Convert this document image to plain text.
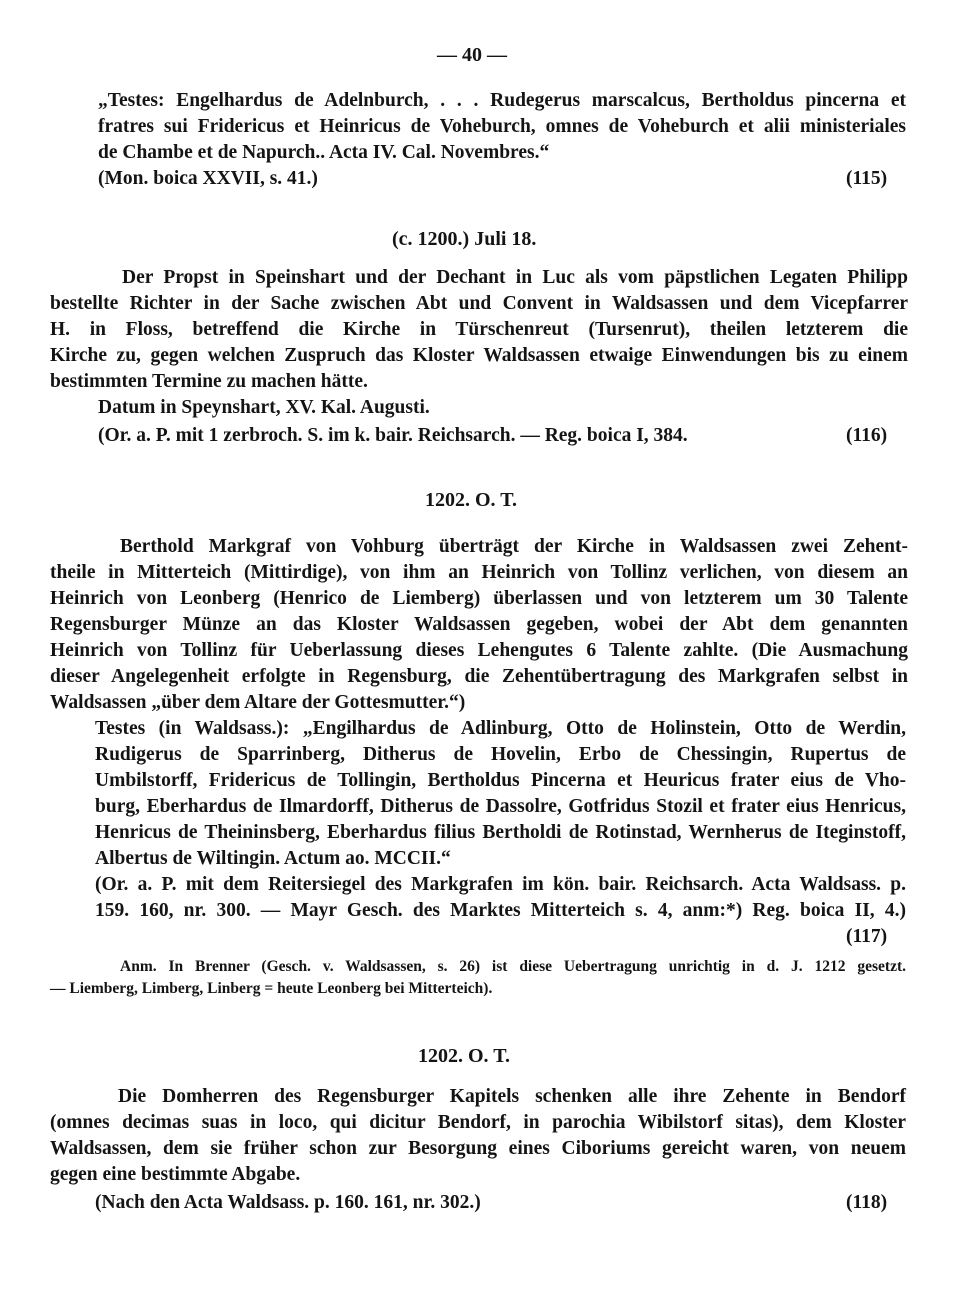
— 40 —
„Testes: Engelhardus de Adelnburch, . . . Rudegerus marscalcus, Bertholdus pincerna et
fratres sui Fridericus et Heinricus de Voheburch, omnes de Voheburch et alii ministeriales
de Chambe et de Napurch.. Acta IV. Cal. Novembres.“
(Mon. boica XXVII, s. 41.)	(115)
(c. 1200.) Juli 18.
Der Propst in Speinshart und der Dechant in Luc als vom päpstlichen Legaten Philipp
bestellte Richter in der Sache zwischen Abt und Convent in Waldsassen und dem Vicepfarrer
H. in Floss, betreffend die Kirche in Türschenreut (Tursenrut), theilen letzterem die
Kirche zu, gegen welchen Zuspruch das Kloster Waldsassen etwaige Einwendungen bis zu einem
bestimmten Termine zu machen hätte.
Datum in Speynshart, XV. Kal. Augusti.
(Or. a. P. mit 1 zerbroch. S. im k. bair. Reichsarch. — Reg. boica I, 384.	(116)
1202. O. T.
Berthold Markgraf von Vohburg überträgt der Kirche in Waldsassen zwei Zehent-
theile in Mitterteich (Mittirdige), von ihm an Heinrich von Tollinz verlichen, von diesem an
Heinrich von Leonberg (Henrico de Liemberg) überlassen und von letzterem um 30 Talente
Regensburger Münze an das Kloster Waldsassen gegeben, wobei der Abt dem genannten
Heinrich von Tollinz für Ueberlassung dieses Lehengutes 6 Talente zahlte. (Die Ausmachung
dieser Angelegenheit erfolgte in Regensburg, die Zehentübertragung des Markgrafen selbst in
Waldsassen „über dem Altare der Gottesmutter.“)
Testes (in Waldsass.): „Engilhardus de Adlinburg, Otto de Holinstein, Otto de Werdin,
Rudigerus de Sparrinberg, Ditherus de Hovelin, Erbo de Chessingin, Rupertus de
Umbilstorff, Fridericus de Tollingin, Bertholdus Pincerna et Heuricus frater eius de Vho-
burg, Eberhardus de Ilmardorff, Ditherus de Dassolre, Gotfridus Stozil et frater eius Henricus,
Henricus de Theininsberg, Eberhardus filius Bertholdi de Rotinstad, Wernherus de Iteginstoff,
Albertus de Wiltingin. Actum ao. MCCII.“
(Or. a. P. mit dem Reitersiegel des Markgrafen im kön. bair. Reichsarch. Acta Waldsass. p.
159. 160, nr. 300. — Mayr Gesch. des Marktes Mitterteich s. 4, anm:*) Reg. boica II, 4.)
(117)
Anm. In Brenner (Gesch. v. Waldsassen, s. 26) ist diese Uebertragung unrichtig in d. J. 1212 gesetzt.
— Liemberg, Limberg, Linberg = heute Leonberg bei Mitterteich).
1202. O. T.
Die Domherren des Regensburger Kapitels schenken alle ihre Zehente in Bendorf
(omnes decimas suas in loco, qui dicitur Bendorf, in parochia Wibilstorf sitas), dem Kloster
Waldsassen, dem sie früher schon zur Besorgung eines Ciboriums gereicht waren, von neuem
gegen eine bestimmte Abgabe.
(Nach den Acta Waldsass. p. 160. 161, nr. 302.)	(118)
